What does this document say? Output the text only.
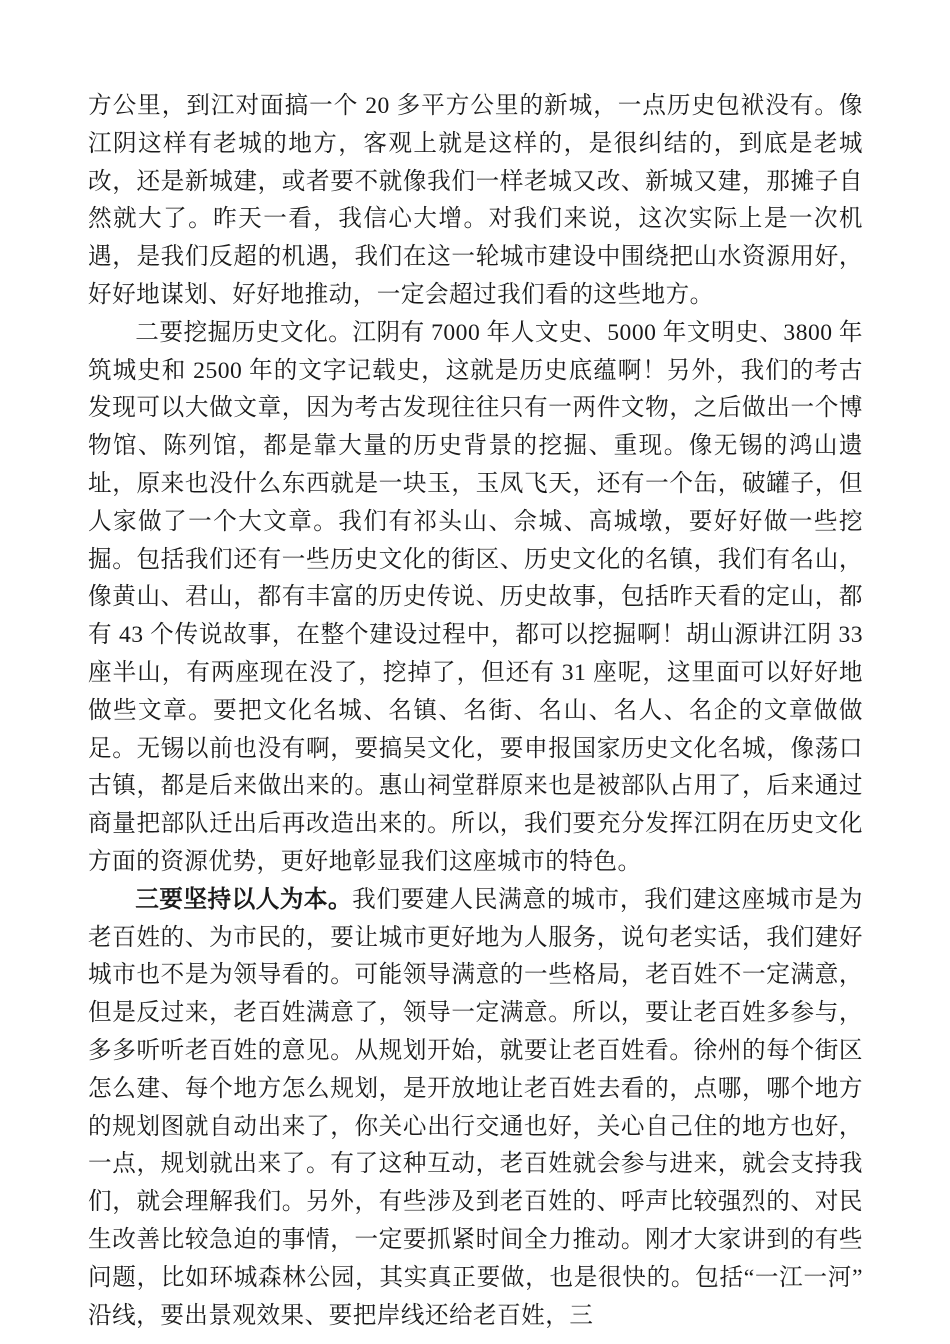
方公里，到江对面搞一个 20 多平方公里的新城，一点历史包袱没有。像江阴这样有老城的地方，客观上就是这样的，是很纠结的，到底是老城改，还是新城建，或者要不就像我们一样老城又改、新城又建，那摊子自然就大了。昨天一看，我信心大增。对我们来说，这次实际上是一次机遇，是我们反超的机遇，我们在这一轮城市建设中围绕把山水资源用好，好好地谋划、好好地推动，一定会超过我们看的这些地方。

二要挖掘历史文化。江阴有 7000 年人文史、5000 年文明史、3800 年筑城史和 2500 年的文字记载史，这就是历史底蕴啊！另外，我们的考古发现可以大做文章，因为考古发现往往只有一两件文物，之后做出一个博物馆、陈列馆，都是靠大量的历史背景的挖掘、重现。像无锡的鸿山遗址，原来也没什么东西就是一块玉，玉凤飞天，还有一个缶，破罐子，但人家做了一个大文章。我们有祁头山、佘城、高城墩，要好好做一些挖掘。包括我们还有一些历史文化的街区、历史文化的名镇，我们有名山，像黄山、君山，都有丰富的历史传说、历史故事，包括昨天看的定山，都有 43 个传说故事，在整个建设过程中，都可以挖掘啊！胡山源讲江阴 33 座半山，有两座现在没了，挖掉了，但还有 31 座呢，这里面可以好好地做些文章。要把文化名城、名镇、名街、名山、名人、名企的文章做做足。无锡以前也没有啊，要搞吴文化，要申报国家历史文化名城，像荡口古镇，都是后来做出来的。惠山祠堂群原来也是被部队占用了，后来通过商量把部队迁出后再改造出来的。所以，我们要充分发挥江阴在历史文化方面的资源优势，更好地彰显我们这座城市的特色。

三要坚持以人为本。我们要建人民满意的城市，我们建这座城市是为老百姓的、为市民的，要让城市更好地为人服务，说句老实话，我们建好城市也不是为领导看的。可能领导满意的一些格局，老百姓不一定满意，但是反过来，老百姓满意了，领导一定满意。所以，要让老百姓多参与，多多听听老百姓的意见。从规划开始，就要让老百姓看。徐州的每个街区怎么建、每个地方怎么规划，是开放地让老百姓去看的，点哪，哪个地方的规划图就自动出来了，你关心出行交通也好，关心自己住的地方也好，一点，规划就出来了。有了这种互动，老百姓就会参与进来，就会支持我们，就会理解我们。另外，有些涉及到老百姓的、呼声比较强烈的、对民生改善比较急迫的事情，一定要抓紧时间全力推动。刚才大家讲到的有些问题，比如环城森林公园，其实真正要做，也是很快的。包括“一江一河”沿线，要出景观效果、要把岸线还给老百姓，三
